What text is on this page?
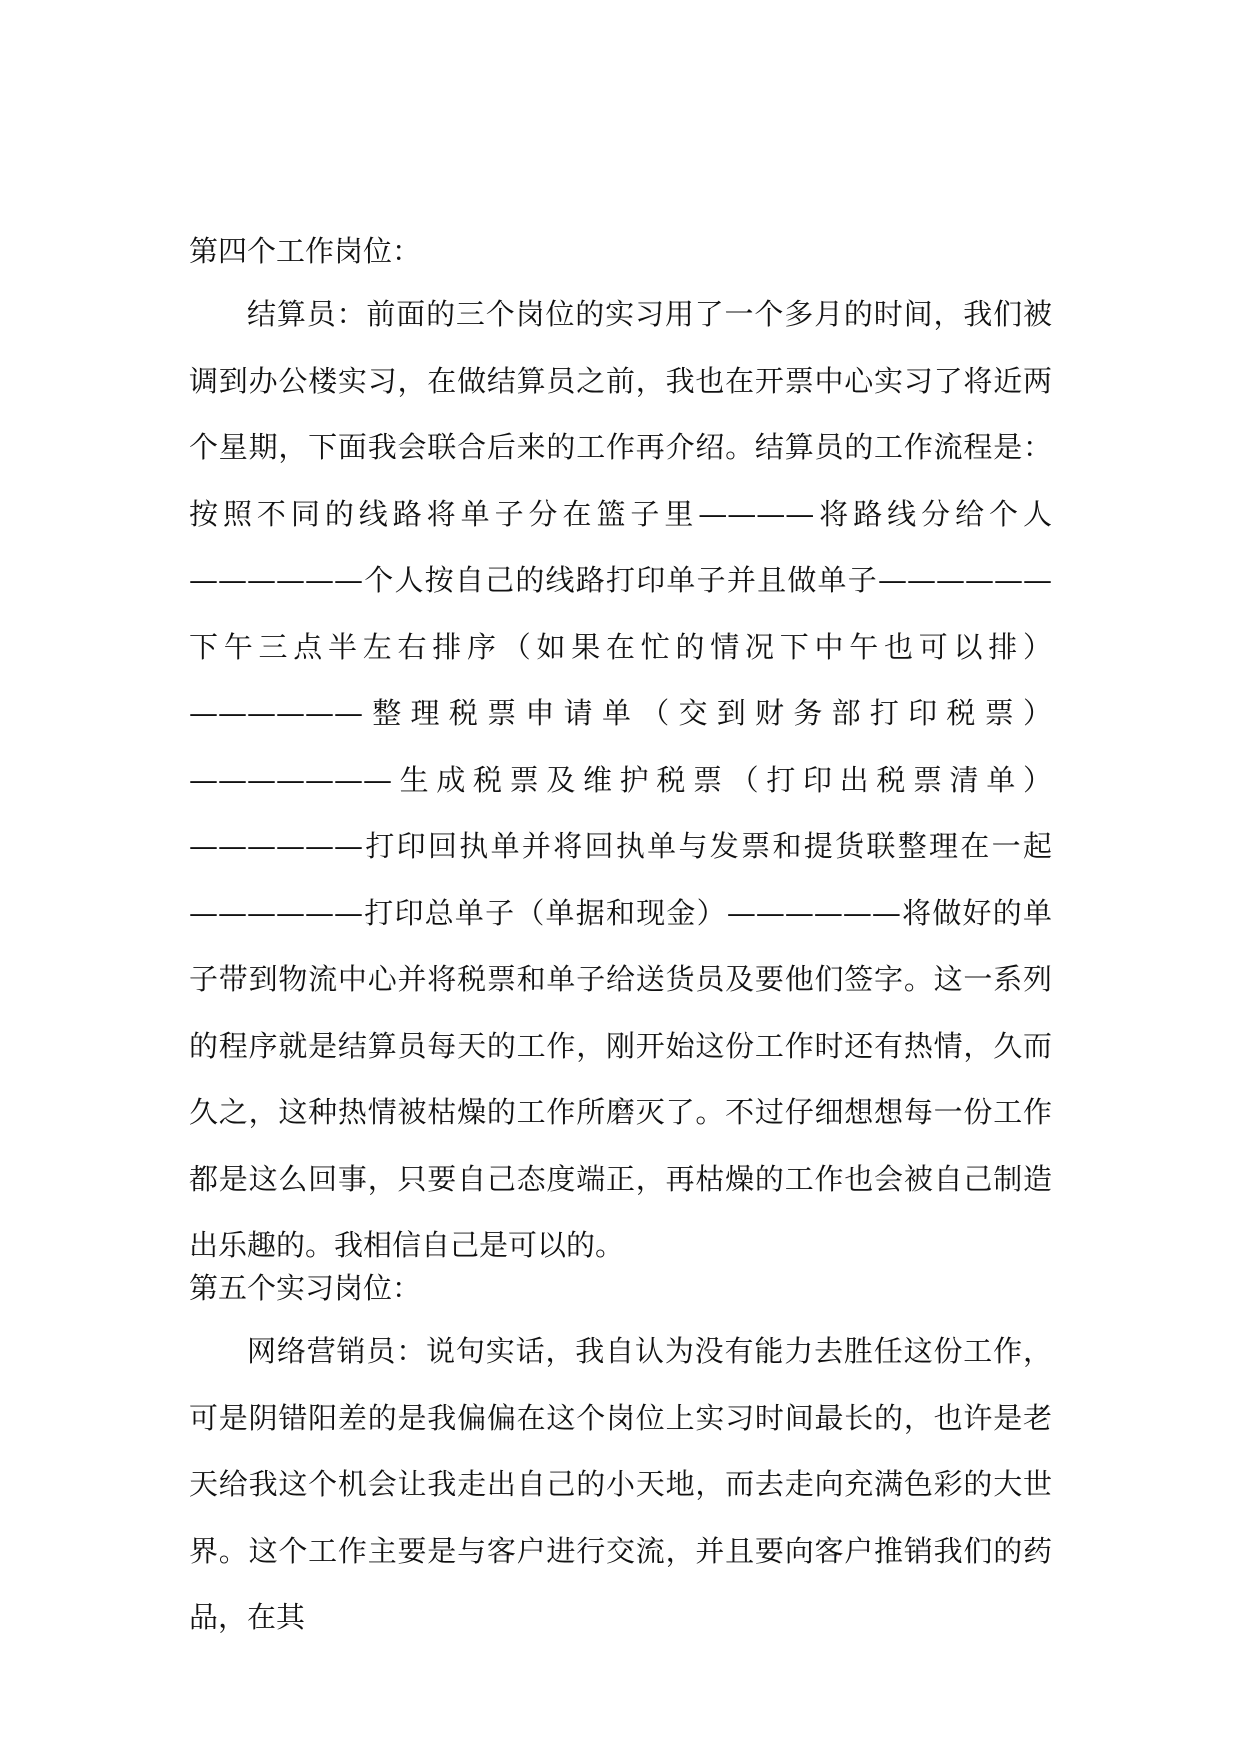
第四个工作岗位：

结算员：前面的三个岗位的实习用了一个多月的时间，我们被调到办公楼实习，在做结算员之前，我也在开票中心实习了将近两个星期，下面我会联合后来的工作再介绍。结算员的工作流程是：按照不同的线路将单子分在篮子里————将路线分给个人——————个人按自己的线路打印单子并且做单子——————下午三点半左右排序（如果在忙的情况下中午也可以排）——————整理税票申请单（交到财务部打印税票）———————生成税票及维护税票（打印出税票清单）——————打印回执单并将回执单与发票和提货联整理在一起——————打印总单子（单据和现金）——————将做好的单子带到物流中心并将税票和单子给送货员及要他们签字。这一系列的程序就是结算员每天的工作，刚开始这份工作时还有热情，久而久之，这种热情被枯燥的工作所磨灭了。不过仔细想想每一份工作都是这么回事，只要自己态度端正，再枯燥的工作也会被自己制造出乐趣的。我相信自己是可以的。

第五个实习岗位：

网络营销员：说句实话，我自认为没有能力去胜任这份工作，可是阴错阳差的是我偏偏在这个岗位上实习时间最长的，也许是老天给我这个机会让我走出自己的小天地，而去走向充满色彩的大世界。这个工作主要是与客户进行交流，并且要向客户推销我们的药品，在其
